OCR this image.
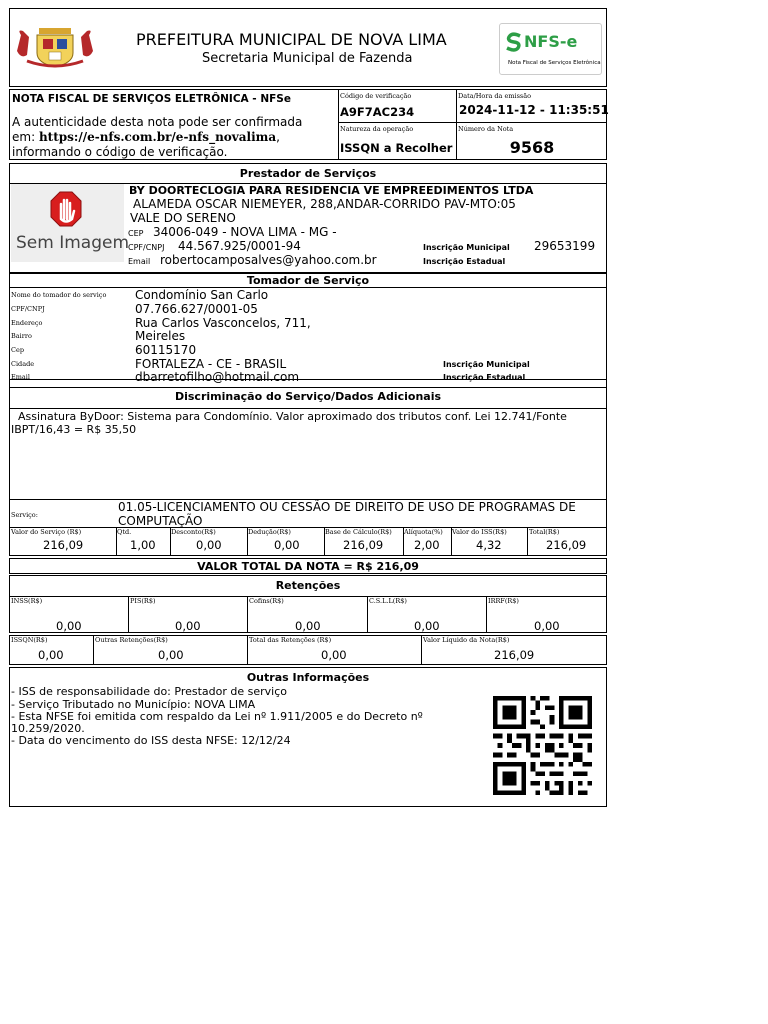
PREFEITURA MUNICIPAL DE NOVA LIMA
Secretaria Municipal de Fazenda
NFS-e
Nota Fiscal de Serviços Eletrônica
NOTA FISCAL DE SERVIÇOS ELETRÔNICA - NFSe
A autenticidade desta nota pode ser confirmada
em: https://e-nfs.com.br/e-nfs_novalima,
informando o código de verificação.
Código de verificação
A9F7AC234
Data/Hora da emissão
2024-11-12 - 11:35:51
Natureza da operação
ISSQN a Recolher
Número da Nota
9568
Prestador de Serviços
Sem Imagem
BY DOORTECLOGIA PARA RESIDENCIA VE EMPREEDIMENTOS LTDA
ALAMEDA OSCAR NIEMEYER, 288,ANDAR-CORRIDO PAV-MTO:05
VALE DO SERENO
CEP 34006-049 - NOVA LIMA - MG -
CPF/CNPJ 44.567.925/0001-94
Email robertocamposalves@yahoo.com.br
Inscrição Municipal 29653199
Inscrição Estadual
Tomador de Serviço
Nome do tomador do serviço Condomínio San Carlo
CPF/CNPJ	07.766.627/0001-05
Endereço	Rua Carlos Vasconcelos, 711,
Bairro	Meireles
Cep	60115170
Cidade	FORTALEZA - CE - BRASIL
Email	dbarretofilho@hotmail.com
Inscrição Municipal
Inscrição Estadual
Discriminação do Serviço/Dados Adicionais
Assinatura ByDoor: Sistema para Condomínio. Valor aproximado dos tributos conf. Lei 12.741/Fonte
IBPT/16,43 = R$ 35,50
Serviço:
01.05-LICENCIAMENTO OU CESSÃO DE DIREITO DE USO DE PROGRAMAS DE
COMPUTAÇÃO
Valor do Serviço (R$)
216,09
Qtd.
1,00
Desconto(R$)
0,00
Dedução(R$)
0,00
Base de Cálculo(R$)
216,09
Alíquota(%)
2,00
Valor do ISS(R$)
4,32
Total(R$)
216,09
VALOR TOTAL DA NOTA = R$ 216,09
Retenções
INSS(R$)
0,00
PIS(R$)
0,00
Cofins(R$)
0,00
C.S.L.L(R$)
0,00
IRRF(R$)
0,00
ISSQN(R$)
0,00
Outras Retenções(R$)
0,00
Total das Retenções (R$)
0,00
Valor Líquido da Nota(R$)
216,09
Outras Informações
- ISS de responsabilidade do: Prestador de serviço
- Serviço Tributado no Município: NOVA LIMA
- Esta NFSE foi emitida com respaldo da Lei nº 1.911/2005 e do Decreto nº
10.259/2020.
- Data do vencimento do ISS desta NFSE: 12/12/24
